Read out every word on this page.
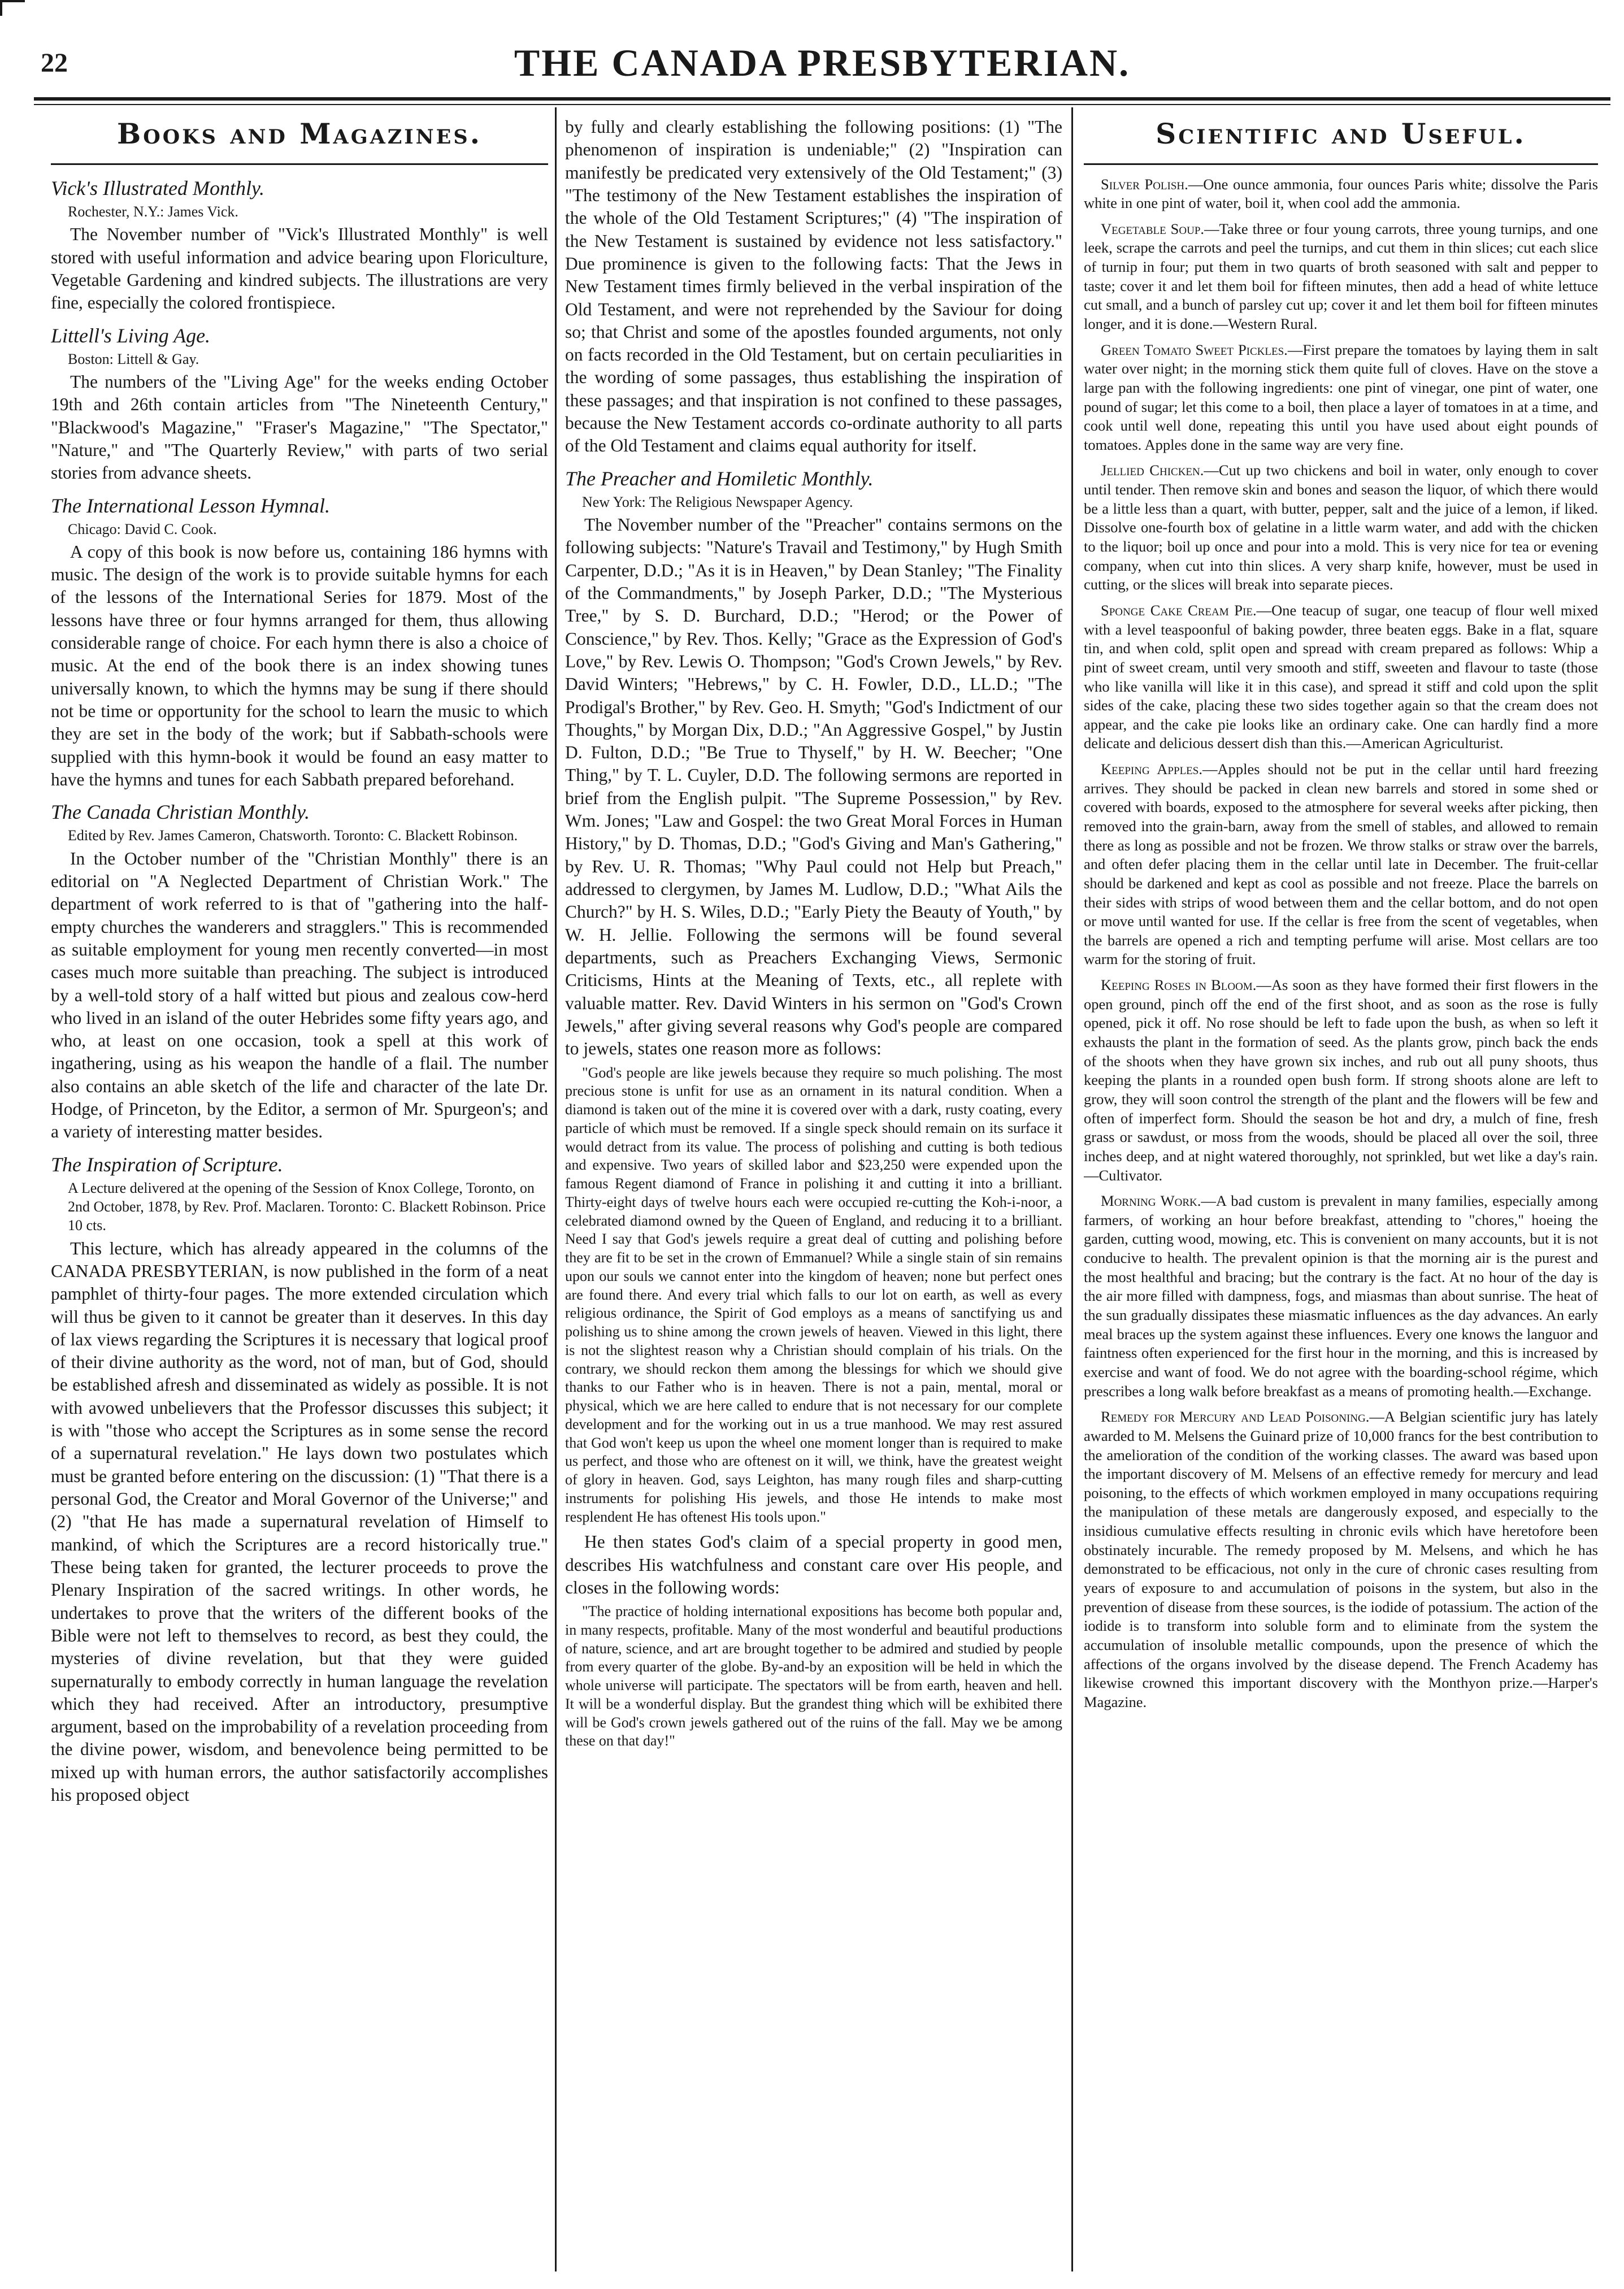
22	THE CANADA PRESBYTERIAN.
Books and Magazines.
Vick's Illustrated Monthly.
Rochester, N.Y.: James Vick.

The November number of "Vick's Illustrated Monthly" is well stored with useful information and advice bearing upon Floriculture, Vegetable Gardening and kindred subjects. The illustrations are very fine, especially the colored frontispiece.

Littell's Living Age.
Boston: Littell & Gay.

The numbers of the "Living Age" for the weeks ending October 19th and 26th contain articles from "The Nineteenth Century," "Blackwood's Magazine," "Fraser's Magazine," "The Spectator," "Nature," and "The Quarterly Review," with parts of two serial stories from advance sheets.

The International Lesson Hymnal.
Chicago: David C. Cook.

A copy of this book is now before us, containing 186 hymns with music. The design of the work is to provide suitable hymns for each of the lessons of the International Series for 1879. Most of the lessons have three or four hymns arranged for them, thus allowing considerable range of choice. For each hymn there is also a choice of music. At the end of the book there is an index showing tunes universally known, to which the hymns may be sung if there should not be time or opportunity for the school to learn the music to which they are set in the body of the work; but if Sabbath-schools were supplied with this hymn-book it would be found an easy matter to have the hymns and tunes for each Sabbath prepared beforehand.

The Canada Christian Monthly.
Edited by Rev. James Cameron, Chatsworth. Toronto: C. Blackett Robinson.

In the October number of the "Christian Monthly" there is an editorial on "A Neglected Department of Christian Work." The department of work referred to is that of "gathering into the half-empty churches the wanderers and stragglers." This is recommended as suitable employment for young men recently converted—in most cases much more suitable than preaching. The subject is introduced by a well-told story of a half witted but pious and zealous cow-herd who lived in an island of the outer Hebrides some fifty years ago, and who, at least on one occasion, took a spell at this work of ingathering, using as his weapon the handle of a flail. The number also contains an able sketch of the life and character of the late Dr. Hodge, of Princeton, by the Editor, a sermon of Mr. Spurgeon's; and a variety of interesting matter besides.

The Inspiration of Scripture.
A Lecture delivered at the opening of the Session of Knox College, Toronto, on 2nd October, 1878, by Rev. Prof. Maclaren. Toronto: C. Blackett Robinson. Price 10 cts.

This lecture, which has already appeared in the columns of the CANADA PRESBYTERIAN, is now published in the form of a neat pamphlet of thirty-four pages. The more extended circulation which will thus be given to it cannot be greater than it deserves. In this day of lax views regarding the Scriptures it is necessary that logical proof of their divine authority as the word, not of man, but of God, should be established afresh and disseminated as widely as possible. It is not with avowed unbelievers that the Professor discusses this subject; it is with "those who accept the Scriptures as in some sense the record of a supernatural revelation." He lays down two postulates which must be granted before entering on the discussion: (1) "That there is a personal God, the Creator and Moral Governor of the Universe;" and (2) "that He has made a supernatural revelation of Himself to mankind, of which the Scriptures are a record historically true." These being taken for granted, the lecturer proceeds to prove the Plenary Inspiration of the sacred writings. In other words, he undertakes to prove that the writers of the different books of the Bible were not left to themselves to record, as best they could, the mysteries of divine revelation, but that they were guided supernaturally to embody correctly in human language the revelation which they had received. After an introductory, presumptive argument, based on the improbability of a revelation proceeding from the divine power, wisdom, and benevolence being permitted to be mixed up with human errors, the author satisfactorily accomplishes his proposed object

by fully and clearly establishing the following positions: (1) "The phenomenon of inspiration is undeniable;" (2) "Inspiration can manifestly be predicated very extensively of the Old Testament;" (3) "The testimony of the New Testament establishes the inspiration of the whole of the Old Testament Scriptures;" (4) "The inspiration of the New Testament is sustained by evidence not less satisfactory." Due prominence is given to the following facts: That the Jews in New Testament times firmly believed in the verbal inspiration of the Old Testament, and were not reprehended by the Saviour for doing so; that Christ and some of the apostles founded arguments, not only on facts recorded in the Old Testament, but on certain peculiarities in the wording of some passages, thus establishing the inspiration of these passages; and that inspiration is not confined to these passages, because the New Testament accords co-ordinate authority to all parts of the Old Testament and claims equal authority for itself.

The Preacher and Homiletic Monthly.
New York: The Religious Newspaper Agency.

The November number of the "Preacher" contains sermons on the following subjects: "Nature's Travail and Testimony," by Hugh Smith Carpenter, D.D.; "As it is in Heaven," by Dean Stanley; "The Finality of the Commandments," by Joseph Parker, D.D.; "The Mysterious Tree," by S. D. Burchard, D.D.; "Herod; or the Power of Conscience," by Rev. Thos. Kelly; "Grace as the Expression of God's Love," by Rev. Lewis O. Thompson; "God's Crown Jewels," by Rev. David Winters; "Hebrews," by C. H. Fowler, D.D., LL.D.; "The Prodigal's Brother," by Rev. Geo. H. Smyth; "God's Indictment of our Thoughts," by Morgan Dix, D.D.; "An Aggressive Gospel," by Justin D. Fulton, D.D.; "Be True to Thyself," by H. W. Beecher; "One Thing," by T. L. Cuyler, D.D. The following sermons are reported in brief from the English pulpit. "The Supreme Possession," by Rev. Wm. Jones; "Law and Gospel: the two Great Moral Forces in Human History," by D. Thomas, D.D.; "God's Giving and Man's Gathering," by Rev. U. R. Thomas; "Why Paul could not Help but Preach," addressed to clergymen, by James M. Ludlow, D.D.; "What Ails the Church?" by H. S. Wiles, D.D.; "Early Piety the Beauty of Youth," by W. H. Jellie. Following the sermons will be found several departments, such as Preachers Exchanging Views, Sermonic Criticisms, Hints at the Meaning of Texts, etc., all replete with valuable matter. Rev. David Winters in his sermon on "God's Crown Jewels," after giving several reasons why God's people are compared to jewels, states one reason more as follows:

"God's people are like jewels because they require so much polishing. The most precious stone is unfit for use as an ornament in its natural condition. When a diamond is taken out of the mine it is covered over with a dark, rusty coating, every particle of which must be removed. If a single speck should remain on its surface it would detract from its value. The process of polishing and cutting is both tedious and expensive. Two years of skilled labor and $23,250 were expended upon the famous Regent diamond of France in polishing it and cutting it into a brilliant. Thirty-eight days of twelve hours each were occupied re-cutting the Koh-i-noor, a celebrated diamond owned by the Queen of England, and reducing it to a brilliant. Need I say that God's jewels require a great deal of cutting and polishing before they are fit to be set in the crown of Emmanuel? While a single stain of sin remains upon our souls we cannot enter into the kingdom of heaven; none but perfect ones are found there. And every trial which falls to our lot on earth, as well as every religious ordinance, the Spirit of God employs as a means of sanctifying us and polishing us to shine among the crown jewels of heaven. Viewed in this light, there is not the slightest reason why a Christian should complain of his trials. On the contrary, we should reckon them among the blessings for which we should give thanks to our Father who is in heaven. There is not a pain, mental, moral or physical, which we are here called to endure that is not necessary for our complete development and for the working out in us a true manhood. We may rest assured that God won't keep us upon the wheel one moment longer than is required to make us perfect, and those who are oftenest on it will, we think, have the greatest weight of glory in heaven. God, says Leighton, has many rough files and sharp-cutting instruments for polishing His jewels, and those He intends to make most resplendent He has oftenest His tools upon."

He then states God's claim of a special property in good men, describes His watchfulness and constant care over His people, and closes in the following words:

"The practice of holding international expositions has become both popular and, in many respects, profitable. Many of the most wonderful and beautiful productions of nature, science, and art are brought together to be admired and studied by people from every quarter of the globe. By-and-by an exposition will be held in which the whole universe will participate. The spectators will be from earth, heaven and hell. It will be a wonderful display. But the grandest thing which will be exhibited there will be God's crown jewels gathered out of the ruins of the fall. May we be among these on that day!"

Scientific and Useful.

Silver Polish.—One ounce ammonia, four ounces Paris white; dissolve the Paris white in one pint of water, boil it, when cool add the ammonia.

Vegetable Soup.—Take three or four young carrots, three young turnips, and one leek, scrape the carrots and peel the turnips, and cut them in thin slices; cut each slice of turnip in four; put them in two quarts of broth seasoned with salt and pepper to taste; cover it and let them boil for fifteen minutes, then add a head of white lettuce cut small, and a bunch of parsley cut up; cover it and let them boil for fifteen minutes longer, and it is done.—Western Rural.

Green Tomato Sweet Pickles.—First prepare the tomatoes by laying them in salt water over night; in the morning stick them quite full of cloves. Have on the stove a large pan with the following ingredients: one pint of vinegar, one pint of water, one pound of sugar; let this come to a boil, then place a layer of tomatoes in at a time, and cook until well done, repeating this until you have used about eight pounds of tomatoes. Apples done in the same way are very fine.

Jellied Chicken.—Cut up two chickens and boil in water, only enough to cover until tender. Then remove skin and bones and season the liquor, of which there would be a little less than a quart, with butter, pepper, salt and the juice of a lemon, if liked. Dissolve one-fourth box of gelatine in a little warm water, and add with the chicken to the liquor; boil up once and pour into a mold. This is very nice for tea or evening company, when cut into thin slices. A very sharp knife, however, must be used in cutting, or the slices will break into separate pieces.

Sponge Cake Cream Pie.—One teacup of sugar, one teacup of flour well mixed with a level teaspoonful of baking powder, three beaten eggs. Bake in a flat, square tin, and when cold, split open and spread with cream prepared as follows: Whip a pint of sweet cream, until very smooth and stiff, sweeten and flavour to taste (those who like vanilla will like it in this case), and spread it stiff and cold upon the split sides of the cake, placing these two sides together again so that the cream does not appear, and the cake pie looks like an ordinary cake. One can hardly find a more delicate and delicious dessert dish than this.—American Agriculturist.

Keeping Apples.—Apples should not be put in the cellar until hard freezing arrives. They should be packed in clean new barrels and stored in some shed or covered with boards, exposed to the atmosphere for several weeks after picking, then removed into the grain-barn, away from the smell of stables, and allowed to remain there as long as possible and not be frozen. We throw stalks or straw over the barrels, and often defer placing them in the cellar until late in December. The fruit-cellar should be darkened and kept as cool as possible and not freeze. Place the barrels on their sides with strips of wood between them and the cellar bottom, and do not open or move until wanted for use. If the cellar is free from the scent of vegetables, when the barrels are opened a rich and tempting perfume will arise. Most cellars are too warm for the storing of fruit.

Keeping Roses in Bloom.—As soon as they have formed their first flowers in the open ground, pinch off the end of the first shoot, and as soon as the rose is fully opened, pick it off. No rose should be left to fade upon the bush, as when so left it exhausts the plant in the formation of seed. As the plants grow, pinch back the ends of the shoots when they have grown six inches, and rub out all puny shoots, thus keeping the plants in a rounded open bush form. If strong shoots alone are left to grow, they will soon control the strength of the plant and the flowers will be few and often of imperfect form. Should the season be hot and dry, a mulch of fine, fresh grass or sawdust, or moss from the woods, should be placed all over the soil, three inches deep, and at night watered thoroughly, not sprinkled, but wet like a day's rain.—Cultivator.

Morning Work.—A bad custom is prevalent in many families, especially among farmers, of working an hour before breakfast, attending to "chores," hoeing the garden, cutting wood, mowing, etc. This is convenient on many accounts, but it is not conducive to health. The prevalent opinion is that the morning air is the purest and the most healthful and bracing; but the contrary is the fact. At no hour of the day is the air more filled with dampness, fogs, and miasmas than about sunrise. The heat of the sun gradually dissipates these miasmatic influences as the day advances. An early meal braces up the system against these influences. Every one knows the languor and faintness often experienced for the first hour in the morning, and this is increased by exercise and want of food. We do not agree with the boarding-school régime, which prescribes a long walk before breakfast as a means of promoting health.—Exchange.

Remedy for Mercury and Lead Poisoning.—A Belgian scientific jury has lately awarded to M. Melsens the Guinard prize of 10,000 francs for the best contribution to the amelioration of the condition of the working classes. The award was based upon the important discovery of M. Melsens of an effective remedy for mercury and lead poisoning, to the effects of which workmen employed in many occupations requiring the manipulation of these metals are dangerously exposed, and especially to the insidious cumulative effects resulting in chronic evils which have heretofore been obstinately incurable. The remedy proposed by M. Melsens, and which he has demonstrated to be efficacious, not only in the cure of chronic cases resulting from years of exposure to and accumulation of poisons in the system, but also in the prevention of disease from these sources, is the iodide of potassium. The action of the iodide is to transform into soluble form and to eliminate from the system the accumulation of insoluble metallic compounds, upon the presence of which the affections of the organs involved by the disease depend. The French Academy has likewise crowned this important discovery with the Monthyon prize.—Harper's Magazine.
